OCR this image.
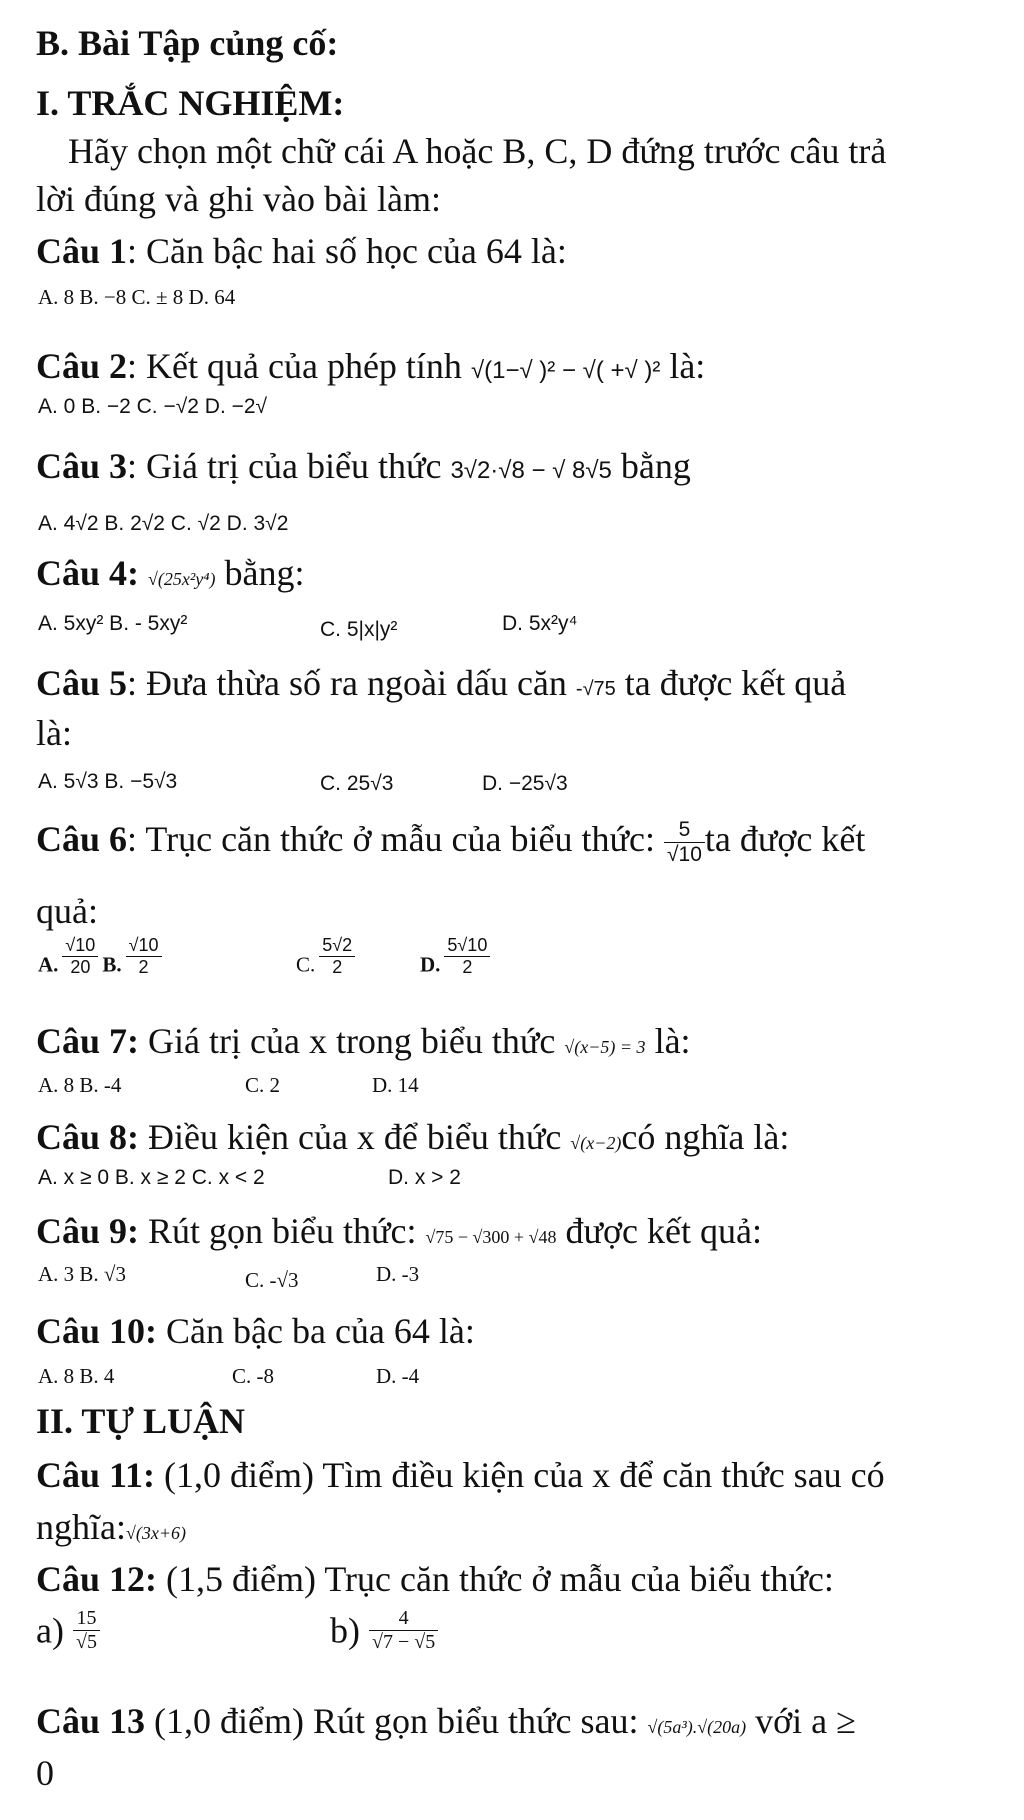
B. Bài Tập củng cố:
I. TRẮC NGHIỆM:
Hãy chọn một chữ cái A hoặc B, C, D đứng trước câu trả
lời đúng và ghi vào bài làm:
Câu 1: Căn bậc hai số học của 64 là:
A. 8 B. −8 C. ± 8 D. 64
Câu 2: Kết quả của phép tính √(1−√ )² − √( +√ )² là:
A. 0 B. −2 C. −√2 D. −2√
Câu 3: Giá trị của biểu thức 3√2·√8 − √ 8√5 bằng
A. 4√2 B. 2√2 C. √2 D. 3√2
Câu 4: √(25x²y⁴) bằng:
A. 5xy² B. - 5xy²	C. 5|x|y²	D. 5x²y⁴
Câu 5: Đưa thừa số ra ngoài dấu căn -√75 ta được kết quả
là:
A. 5√3 B. −5√3	C. 25√3	D. −25√3
Câu 6: Trục căn thức ở mẫu của biểu thức: $\frac{5}{√10}$ ta được kết
quả:
A. $\frac{√10}{20} B$. $\frac{√10}{2}$	C. $\frac{5√2}{2}$	D. $\frac{5√10}{2}$
Câu 7: Giá trị của x trong biểu thức √(x−5) = 3 là:
A. 8 B. -4	C. 2	D. 14
Câu 8: Điều kiện của x để biểu thức √(x−2)có nghĩa là:
A. x ≥ 0 B. x ≥ 2 C. x < 2	D. x > 2
Câu 9: Rút gọn biểu thức: √75 − √300 + √48 được kết quả:
A. 3 B. √3	C. -√3	D. -3
Câu 10: Căn bậc ba của 64 là:
A. 8 B. 4	C. -8	D. -4
II. TỰ LUẬN
Câu 11: (1,0 điểm) Tìm điều kiện của x để căn thức sau có
nghĩa:√(3x+6)
Câu 12: (1,5 điểm) Trục căn thức ở mẫu của biểu thức:
$a) \frac{15}{√5}$	$b) \frac{4}{√7 - √5}$
Câu 13 (1,0 điểm) Rút gọn biểu thức sau: √(5a³).√(20a) với a ≥
0
